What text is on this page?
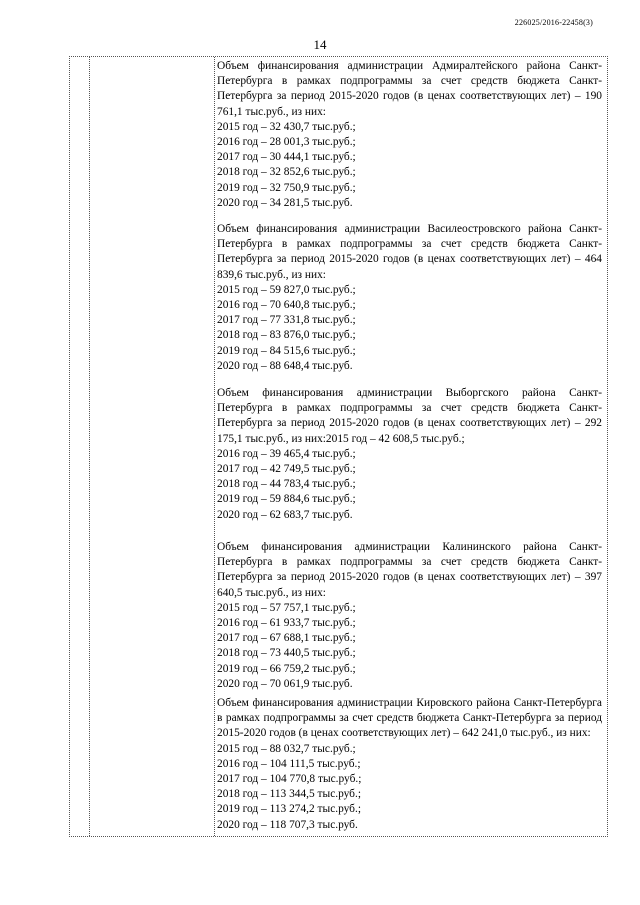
226025/2016-22458(3)
14
Объем финансирования администрации Адмиралтейского района Санкт-Петербурга в рамках подпрограммы за счет средств бюджета Санкт-Петербурга за период 2015-2020 годов (в ценах соответствующих лет) – 190 761,1 тыс.руб., из них:
2015 год – 32 430,7 тыс.руб.;
2016 год – 28 001,3 тыс.руб.;
2017 год – 30 444,1 тыс.руб.;
2018 год – 32 852,6 тыс.руб.;
2019 год – 32 750,9 тыс.руб.;
2020 год – 34 281,5 тыс.руб.
Объем финансирования администрации Василеостровского района Санкт-Петербурга в рамках подпрограммы за счет средств бюджета Санкт-Петербурга за период 2015-2020 годов (в ценах соответствующих лет) – 464 839,6 тыс.руб., из них:
2015 год – 59 827,0 тыс.руб.;
2016 год – 70 640,8 тыс.руб.;
2017 год – 77 331,8 тыс.руб.;
2018 год – 83 876,0 тыс.руб.;
2019 год – 84 515,6 тыс.руб.;
2020 год – 88 648,4 тыс.руб.
Объем финансирования администрации Выборгского района Санкт-Петербурга в рамках подпрограммы за счет средств бюджета Санкт-Петербурга за период 2015-2020 годов (в ценах соответствующих лет) – 292 175,1 тыс.руб., из них:2015 год – 42 608,5 тыс.руб.;
2016 год – 39 465,4 тыс.руб.;
2017 год – 42 749,5 тыс.руб.;
2018 год – 44 783,4 тыс.руб.;
2019 год – 59 884,6 тыс.руб.;
2020 год – 62 683,7 тыс.руб.
Объем финансирования администрации Калининского района Санкт-Петербурга в рамках подпрограммы за счет средств бюджета Санкт-Петербурга за период 2015-2020 годов (в ценах соответствующих лет) – 397 640,5 тыс.руб., из них:
2015 год – 57 757,1 тыс.руб.;
2016 год – 61 933,7 тыс.руб.;
2017 год – 67 688,1 тыс.руб.;
2018 год – 73 440,5 тыс.руб.;
2019 год – 66 759,2 тыс.руб.;
2020 год – 70 061,9 тыс.руб.
Объем финансирования администрации Кировского района Санкт-Петербурга в рамках подпрограммы за счет средств бюджета Санкт-Петербурга за период 2015-2020 годов (в ценах соответствующих лет) – 642 241,0 тыс.руб., из них:
2015 год – 88 032,7 тыс.руб.;
2016 год – 104 111,5 тыс.руб.;
2017 год – 104 770,8 тыс.руб.;
2018 год – 113 344,5 тыс.руб.;
2019 год – 113 274,2 тыс.руб.;
2020 год – 118 707,3 тыс.руб.
